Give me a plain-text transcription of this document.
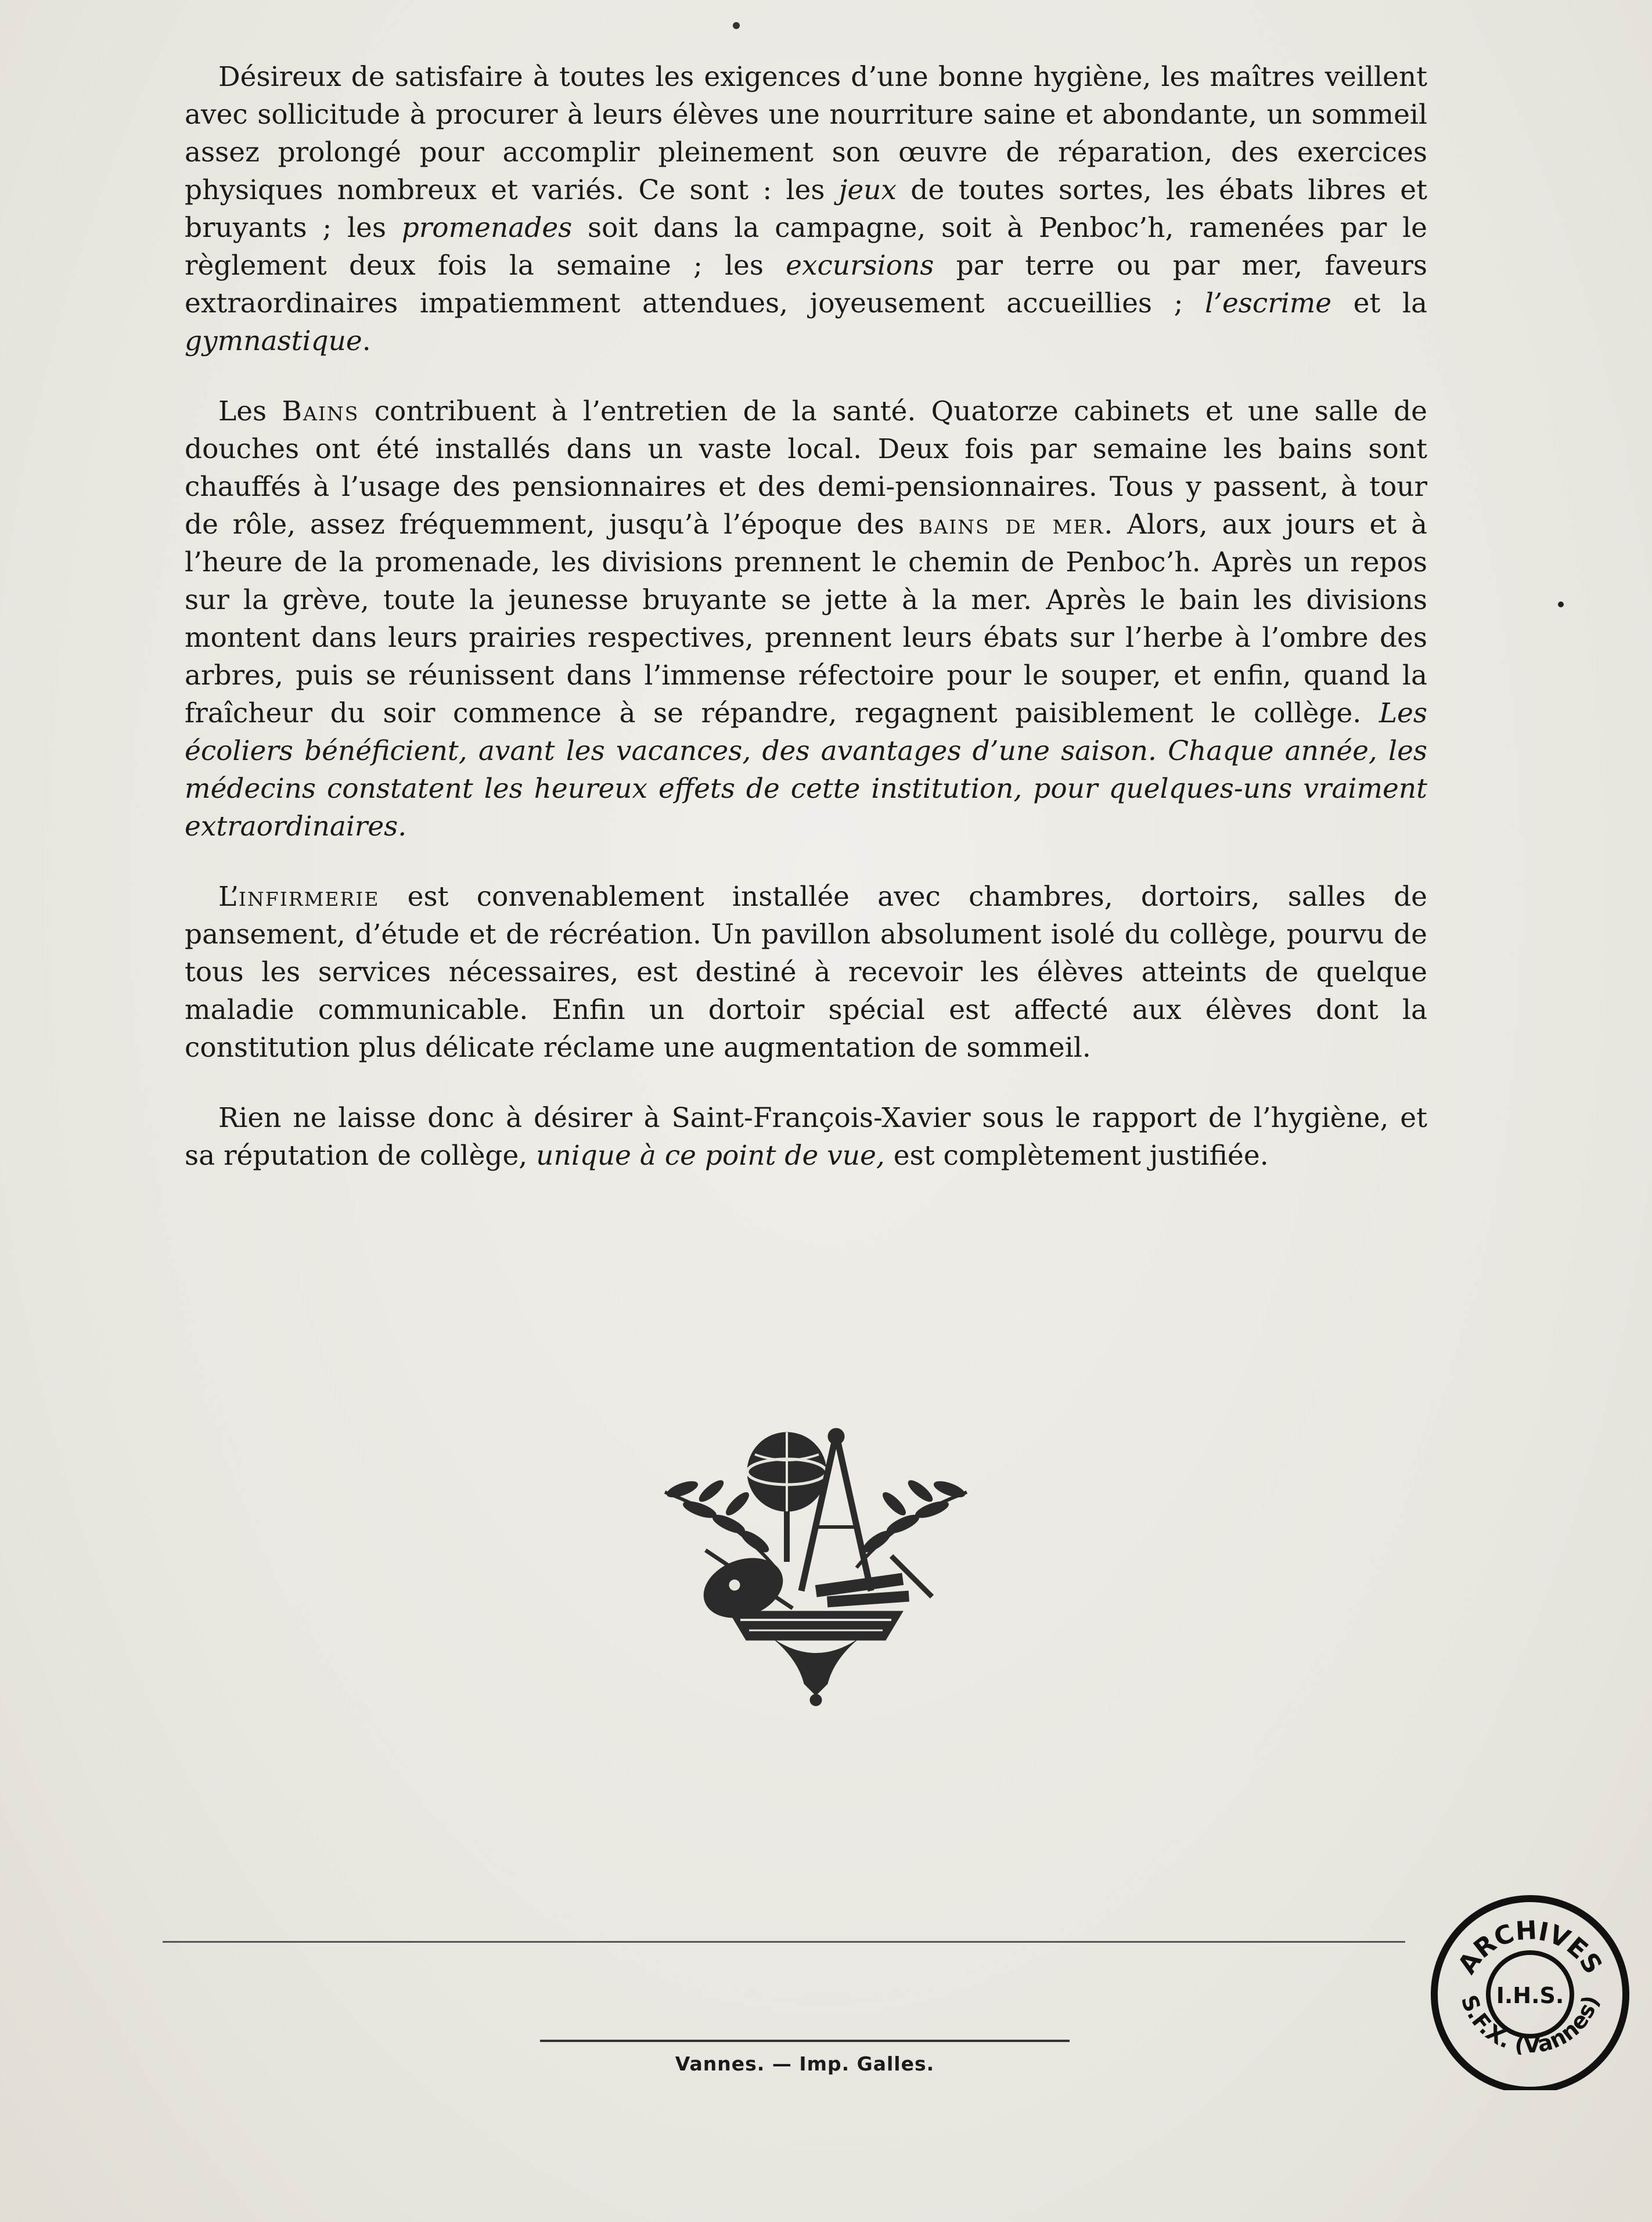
Désireux de satisfaire à toutes les exigences d’une bonne hygiène, les maîtres veillent avec sollicitude à procurer à leurs élèves une nourriture saine et abondante, un sommeil assez prolongé pour accomplir pleinement son œuvre de réparation, des exercices physiques nombreux et variés. Ce sont : les jeux de toutes sortes, les ébats libres et bruyants ; les promenades soit dans la campagne, soit à Penboc’h, ramenées par le règlement deux fois la semaine ; les excursions par terre ou par mer, faveurs extraordinaires impatiemment attendues, joyeusement accueillies ; l’escrime et la gymnastique.

Les Bains contribuent à l’entretien de la santé. Quatorze cabinets et une salle de douches ont été installés dans un vaste local. Deux fois par semaine les bains sont chauffés à l’usage des pensionnaires et des demi-pensionnaires. Tous y passent, à tour de rôle, assez fréquemment, jusqu’à l’époque des bains de mer. Alors, aux jours et à l’heure de la promenade, les divisions prennent le chemin de Penboc’h. Après un repos sur la grève, toute la jeunesse bruyante se jette à la mer. Après le bain les divisions montent dans leurs prairies respectives, prennent leurs ébats sur l’herbe à l’ombre des arbres, puis se réunissent dans l’immense réfectoire pour le souper, et enfin, quand la fraîcheur du soir commence à se répandre, regagnent paisiblement le collège. Les écoliers bénéficient, avant les vacances, des avantages d’une saison. Chaque année, les médecins constatent les heureux effets de cette institution, pour quelques-uns vraiment extraordinaires.

L’infirmerie est convenablement installée avec chambres, dortoirs, salles de pansement, d’étude et de récréation. Un pavillon absolument isolé du collège, pourvu de tous les services nécessaires, est destiné à recevoir les élèves atteints de quelque maladie communicable. Enfin un dortoir spécial est affecté aux élèves dont la constitution plus délicate réclame une augmentation de sommeil.

Rien ne laisse donc à désirer à Saint-François-Xavier sous le rapport de l’hygiène, et sa réputation de collège, unique à ce point de vue, est complètement justifiée.

Vannes. — Imp. Galles.
ARCHIVES
I.H.S.
S.F.X. (Vannes)
